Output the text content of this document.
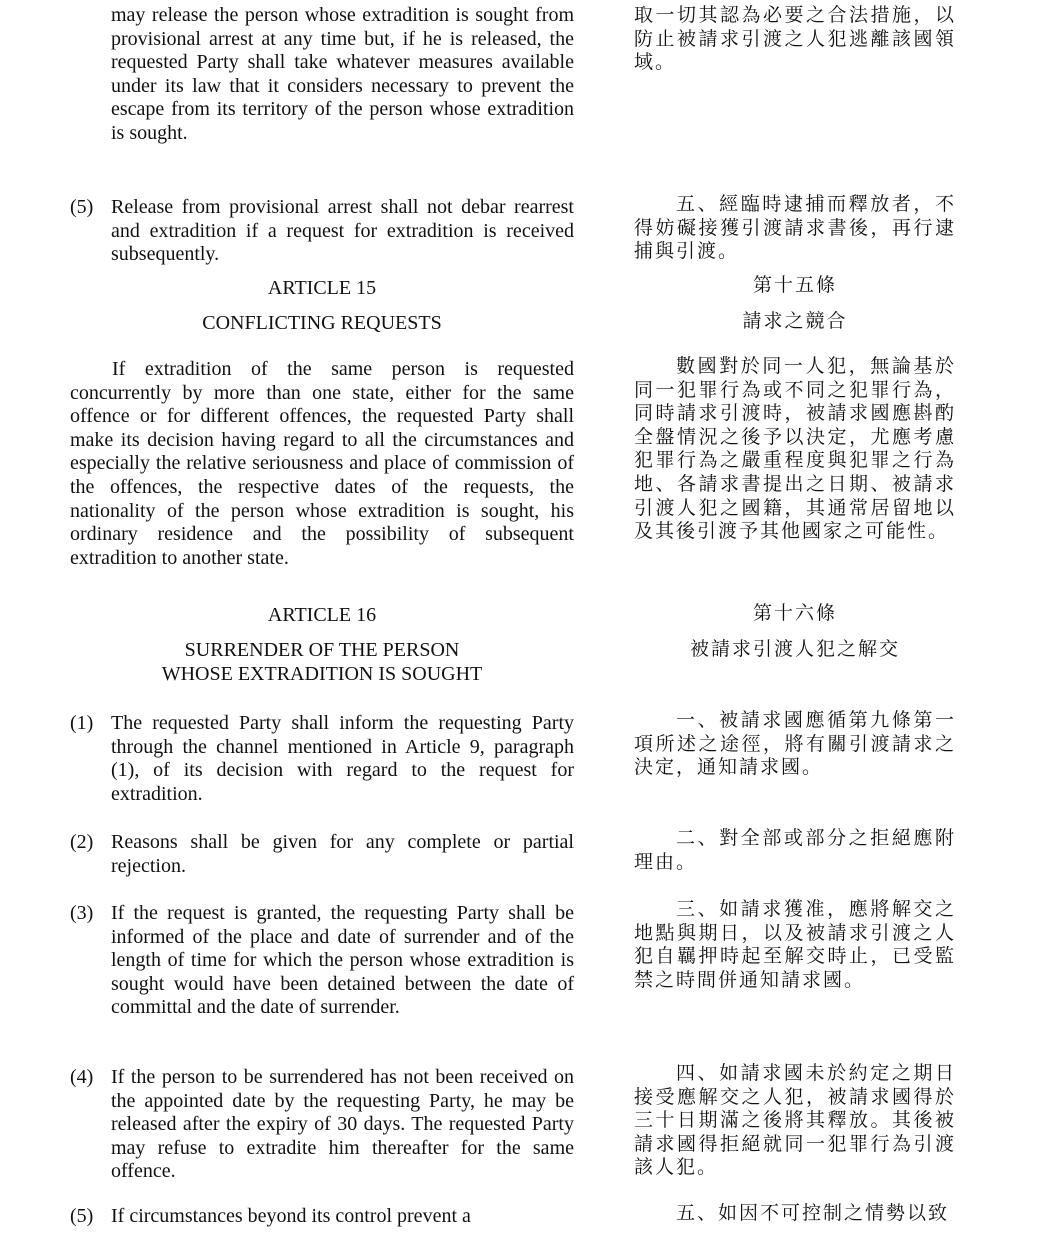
may release the person whose extradition is sought from provisional arrest at any time but, if he is released, the requested Party shall take whatever measures available under its law that it considers necessary to prevent the escape from its territory of the person whose extradition is sought.

取一切其認為必要之合法措施，以防止被請求引渡之人犯逃離該國領域。

(5) Release from provisional arrest shall not debar rearrest and extradition if a request for extradition is received subsequently.

五、經臨時逮捕而釋放者，不得妨礙接獲引渡請求書後，再行逮捕與引渡。

ARTICLE 15	第十五條

CONFLICTING REQUESTS	請求之競合

If extradition of the same person is requested concurrently by more than one state, either for the same offence or for different offences, the requested Party shall make its decision having regard to all the circumstances and especially the relative seriousness and place of commission of the offences, the respective dates of the requests, the nationality of the person whose extradition is sought, his ordinary residence and the possibility of subsequent extradition to another state.

數國對於同一人犯，無論基於同一犯罪行為或不同之犯罪行為，同時請求引渡時，被請求國應斟酌全盤情況之後予以決定，尤應考慮犯罪行為之嚴重程度與犯罪之行為地、各請求書提出之日期、被請求引渡人犯之國籍，其通常居留地以及其後引渡予其他國家之可能性。

ARTICLE 16	第十六條

SURRENDER OF THE PERSON

WHOSE EXTRADITION IS SOUGHT

被請求引渡人犯之解交

(1) The requested Party shall inform the requesting Party through the channel mentioned in Article 9, paragraph (1), of its decision with regard to the request for extradition.

一、被請求國應循第九條第一項所述之途徑，將有關引渡請求之決定，通知請求國。

(2) Reasons shall be given for any complete or partial rejection.

二、對全部或部分之拒絕應附理由。

(3) If the request is granted, the requesting Party shall be informed of the place and date of surrender and of the length of time for which the person whose extradition is sought would have been detained between the date of committal and the date of surrender.

三、如請求獲准，應將解交之地點與期日，以及被請求引渡之人犯自羈押時起至解交時止，已受監禁之時間併通知請求國。

(4) If the person to be surrendered has not been received on the appointed date by the requesting Party, he may be released after the expiry of 30 days. The requested Party may refuse to extradite him thereafter for the same offence.

四、如請求國未於約定之期日接受應解交之人犯，被請求國得於三十日期滿之後將其釋放。其後被請求國得拒絕就同一犯罪行為引渡該人犯。

(5) If circumstances beyond its control prevent a	五、如因不可控制之情勢以致
